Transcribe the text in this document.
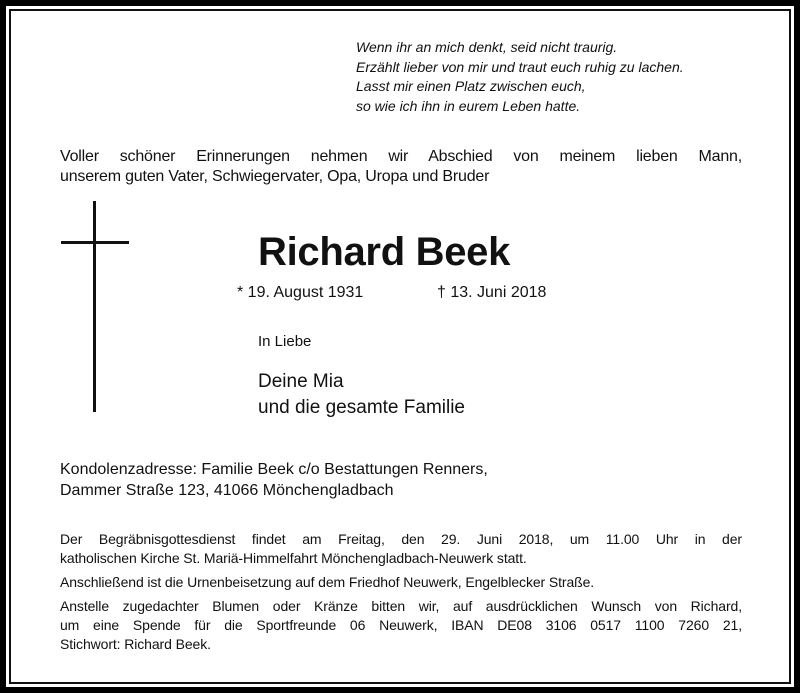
Wenn ihr an mich denkt, seid nicht traurig.
Erzählt lieber von mir und traut euch ruhig zu lachen.
Lasst mir einen Platz zwischen euch,
so wie ich ihn in eurem Leben hatte.
Voller schöner Erinnerungen nehmen wir Abschied von meinem lieben Mann,
unserem guten Vater, Schwiegervater, Opa, Uropa und Bruder
Richard Beek
* 19. August 1931	† 13. Juni 2018
In Liebe
Deine Mia
und die gesamte Familie
Kondolenzadresse: Familie Beek c/o Bestattungen Renners,
Dammer Straße 123, 41066 Mönchengladbach

Der Begräbnisgottesdienst findet am Freitag, den 29. Juni 2018, um 11.00 Uhr in der
katholischen Kirche St. Mariä-Himmelfahrt Mönchengladbach-Neuwerk statt.

Anschließend ist die Urnenbeisetzung auf dem Friedhof Neuwerk, Engelblecker Straße.

Anstelle zugedachter Blumen oder Kränze bitten wir, auf ausdrücklichen Wunsch von Richard,
um eine Spende für die Sportfreunde 06 Neuwerk, IBAN DE08 3106 0517 1100 7260 21,
Stichwort: Richard Beek.
